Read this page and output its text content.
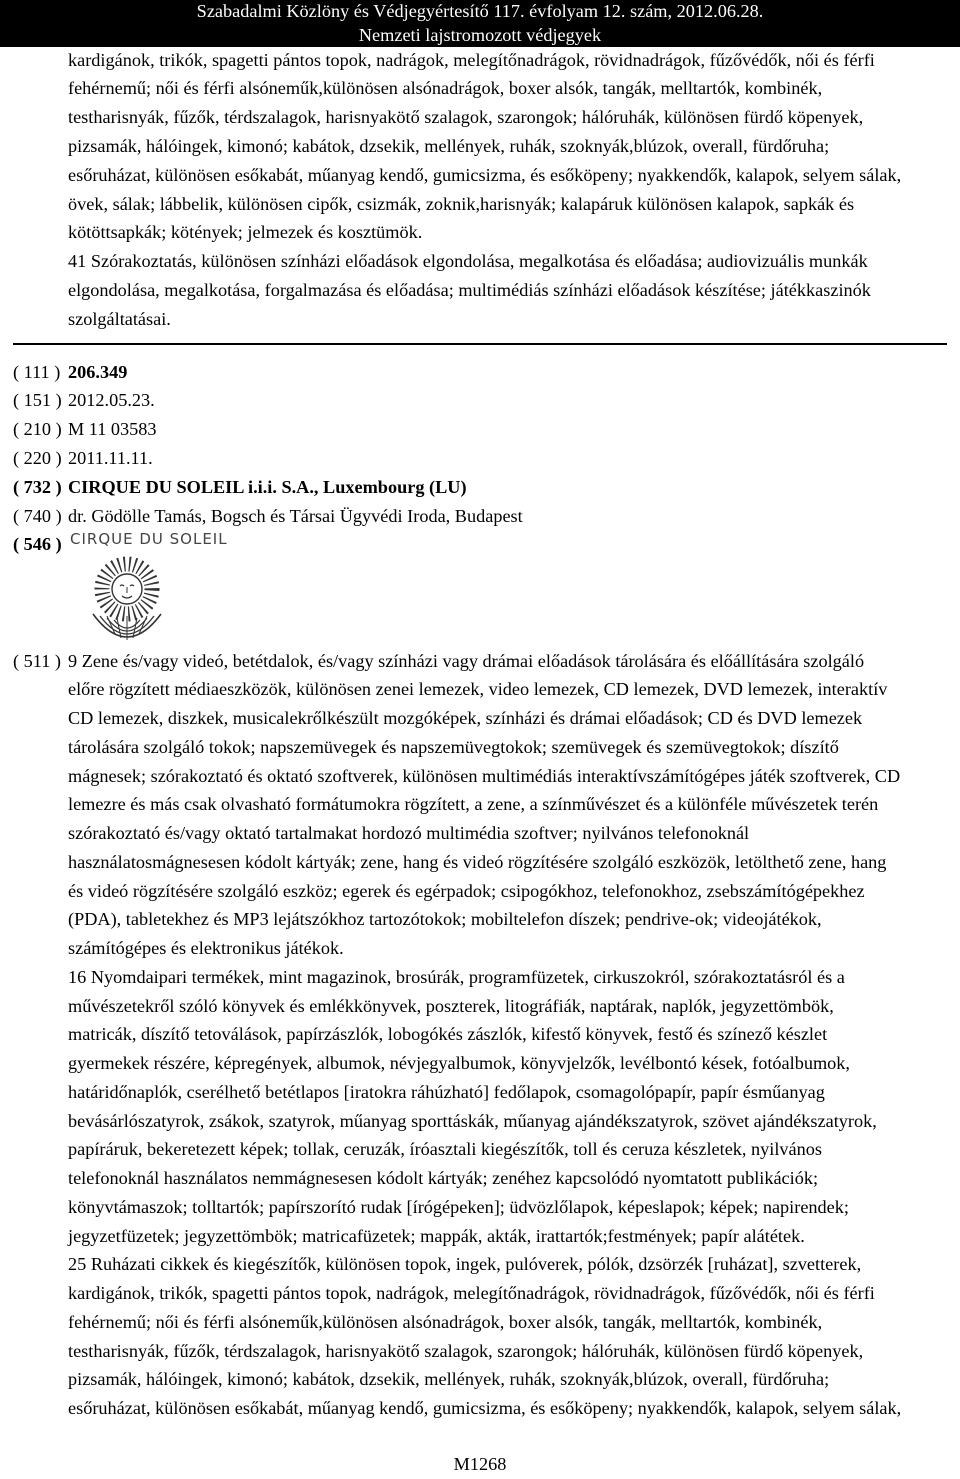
Szabadalmi Közlöny és Védjegyértesítő 117. évfolyam 12. szám, 2012.06.28.
Nemzeti lajstromozott védjegyek
kardigánok, trikók, spagetti pántos topok, nadrágok, melegítőnadrágok, rövidnadrágok, fűzővédők, női és férfi
fehérnemű; női és férfi alsóneműk,különösen alsónadrágok, boxer alsók, tangák, melltartók, kombinék,
testharisnyák, fűzők, térdszalagok, harisnyakötő szalagok, szarongok; hálóruhák, különösen fürdő köpenyek,
pizsamák, hálóingek, kimonó; kabátok, dzsekik, mellények, ruhák, szoknyák,blúzok, overall, fürdőruha;
esőruházat, különösen esőkabát, műanyag kendő, gumicsizma, és esőköpeny; nyakkendők, kalapok, selyem sálak,
övek, sálak; lábbelik, különösen cipők, csizmák, zoknik,harisnyák; kalapáruk különösen kalapok, sapkák és
kötöttsapkák; kötények; jelmezek és kosztümök.
41 Szórakoztatás, különösen színházi előadások elgondolása, megalkotása és előadása; audiovizuális munkák
elgondolása, megalkotása, forgalmazása és előadása; multimédiás színházi előadások készítése; játékkaszinók
szolgáltatásai.
( 111 ) 206.349
( 151 ) 2012.05.23.
( 210 ) M 11 03583
( 220 ) 2011.11.11.
( 732 ) CIRQUE DU SOLEIL i.i.i. S.A., Luxembourg (LU)
( 740 ) dr. Gödölle Tamás, Bogsch és Társai Ügyvédi Iroda, Budapest
( 546 ) CIRQUE DU SOLEIL
( 511 ) 9 Zene és/vagy videó, betétdalok, és/vagy színházi vagy drámai előadások tárolására és előállítására szolgáló
előre rögzített médiaeszközök, különösen zenei lemezek, video lemezek, CD lemezek, DVD lemezek, interaktív
CD lemezek, diszkek, musicalekrőlkészült mozgóképek, színházi és drámai előadások; CD és DVD lemezek
tárolására szolgáló tokok; napszemüvegek és napszemüvegtokok; szemüvegek és szemüvegtokok; díszítő
mágnesek; szórakoztató és oktató szoftverek, különösen multimédiás interaktívszámítógépes játék szoftverek, CD
lemezre és más csak olvasható formátumokra rögzített, a zene, a színművészet és a különféle művészetek terén
szórakoztató és/vagy oktató tartalmakat hordozó multimédia szoftver; nyilvános telefonoknál
használatosmágnesesen kódolt kártyák; zene, hang és videó rögzítésére szolgáló eszközök, letölthető zene, hang
és videó rögzítésére szolgáló eszköz; egerek és egérpadok; csipogókhoz, telefonokhoz, zsebszámítógépekhez
(PDA), tabletekhez és MP3 lejátszókhoz tartozótokok; mobiltelefon díszek; pendrive-ok; videojátékok,
számítógépes és elektronikus játékok.
16 Nyomdaipari termékek, mint magazinok, brosúrák, programfüzetek, cirkuszokról, szórakoztatásról és a
művészetekről szóló könyvek és emlékkönyvek, poszterek, litográfiák, naptárak, naplók, jegyzettömbök,
matricák, díszítő tetoválások, papírzászlók, lobogókés zászlók, kifestő könyvek, festő és színező készlet
gyermekek részére, képregények, albumok, névjegyalbumok, könyvjelzők, levélbontó kések, fotóalbumok,
határidőnaplók, cserélhető betétlapos [iratokra ráhúzható] fedőlapok, csomagolópapír, papír ésműanyag
bevásárlószatyrok, zsákok, szatyrok, műanyag sporttáskák, műanyag ajándékszatyrok, szövet ajándékszatyrok,
papíráruk, bekeretezett képek; tollak, ceruzák, íróasztali kiegészítők, toll és ceruza készletek, nyilvános
telefonoknál használatos nemmágnesesen kódolt kártyák; zenéhez kapcsolódó nyomtatott publikációk;
könyvtámaszok; tolltartók; papírszorító rudak [írógépeken]; üdvözlőlapok, képeslapok; képek; napirendek;
jegyzetfüzetek; jegyzettömbök; matricafüzetek; mappák, akták, irattartók;festmények; papír alátétek.
25 Ruházati cikkek és kiegészítők, különösen topok, ingek, pulóverek, pólók, dzsörzék [ruházat], szvetterek,
kardigánok, trikók, spagetti pántos topok, nadrágok, melegítőnadrágok, rövidnadrágok, fűzővédők, női és férfi
fehérnemű; női és férfi alsóneműk,különösen alsónadrágok, boxer alsók, tangák, melltartók, kombinék,
testharisnyák, fűzők, térdszalagok, harisnyakötő szalagok, szarongok; hálóruhák, különösen fürdő köpenyek,
pizsamák, hálóingek, kimonó; kabátok, dzsekik, mellények, ruhák, szoknyák,blúzok, overall, fürdőruha;
esőruházat, különösen esőkabát, műanyag kendő, gumicsizma, és esőköpeny; nyakkendők, kalapok, selyem sálak,
M1268
